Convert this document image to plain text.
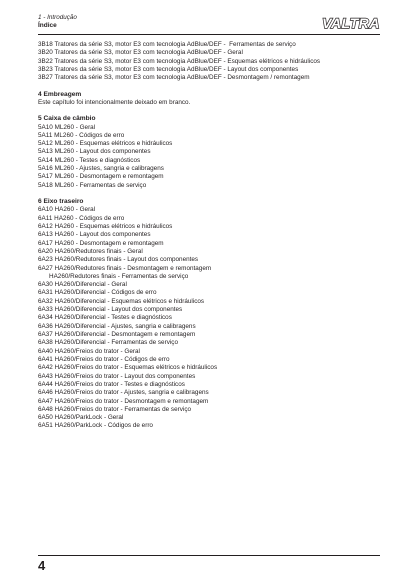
1 - Introdução
Índice	VALTRA
3B18 Tratores da série S3, motor E3 com tecnologia AdBlue/DEF -  Ferramentas de serviço
3B20 Tratores da série S3, motor E3 com tecnologia AdBlue/DEF - Geral
3B22 Tratores da série S3, motor E3 com tecnologia AdBlue/DEF - Esquemas elétricos e hidráulicos
3B23 Tratores da série S3, motor E3 com tecnologia AdBlue/DEF - Layout dos componentes
3B27 Tratores da série S3, motor E3 com tecnologia AdBlue/DEF - Desmontagem / remontagem
4 Embreagem
Este capítulo foi intencionalmente deixado em branco.
5 Caixa de câmbio
5A10 ML260 - Geral
5A11 ML260 - Códigos de erro
5A12 ML260 - Esquemas elétricos e hidráulicos
5A13 ML260 - Layout dos componentes
5A14 ML260 - Testes e diagnósticos
5A16 ML260 - Ajustes, sangria e calibragens
5A17 ML260 - Desmontagem e remontagem
5A18 ML260 - Ferramentas de serviço
6 Eixo traseiro
6A10 HA260 - Geral
6A11 HA260 - Códigos de erro
6A12 HA260 - Esquemas elétricos e hidráulicos
6A13 HA260 - Layout dos componentes
6A17 HA260 - Desmontagem e remontagem
6A20 HA260/Redutores finais - Geral
6A23 HA260/Redutores finais - Layout dos componentes
6A27 HA260/Redutores finais - Desmontagem e remontagem
HA260/Redutores finais - Ferramentas de serviço
6A30 HA260/Diferencial - Geral
6A31 HA260/Diferencial - Códigos de erro
6A32 HA260/Diferencial - Esquemas elétricos e hidráulicos
6A33 HA260/Diferencial - Layout dos componentes
6A34 HA260/Diferencial - Testes e diagnósticos
6A36 HA260/Diferencial - Ajustes, sangria e calibragens
6A37 HA260/Diferencial - Desmontagem e remontagem
6A38 HA260/Diferencial - Ferramentas de serviço
6A40 HA260/Freios do trator - Geral
6A41 HA260/Freios do trator - Códigos de erro
6A42 HA260/Freios do trator - Esquemas elétricos e hidráulicos
6A43 HA260/Freios do trator - Layout dos componentes
6A44 HA260/Freios do trator - Testes e diagnósticos
6A46 HA260/Freios do trator - Ajustes, sangria e calibragens
6A47 HA260/Freios do trator - Desmontagem e remontagem
6A48 HA260/Freios do trator - Ferramentas de serviço
6A50 HA260/ParkLock - Geral
6A51 HA260/ParkLock - Códigos de erro
4
